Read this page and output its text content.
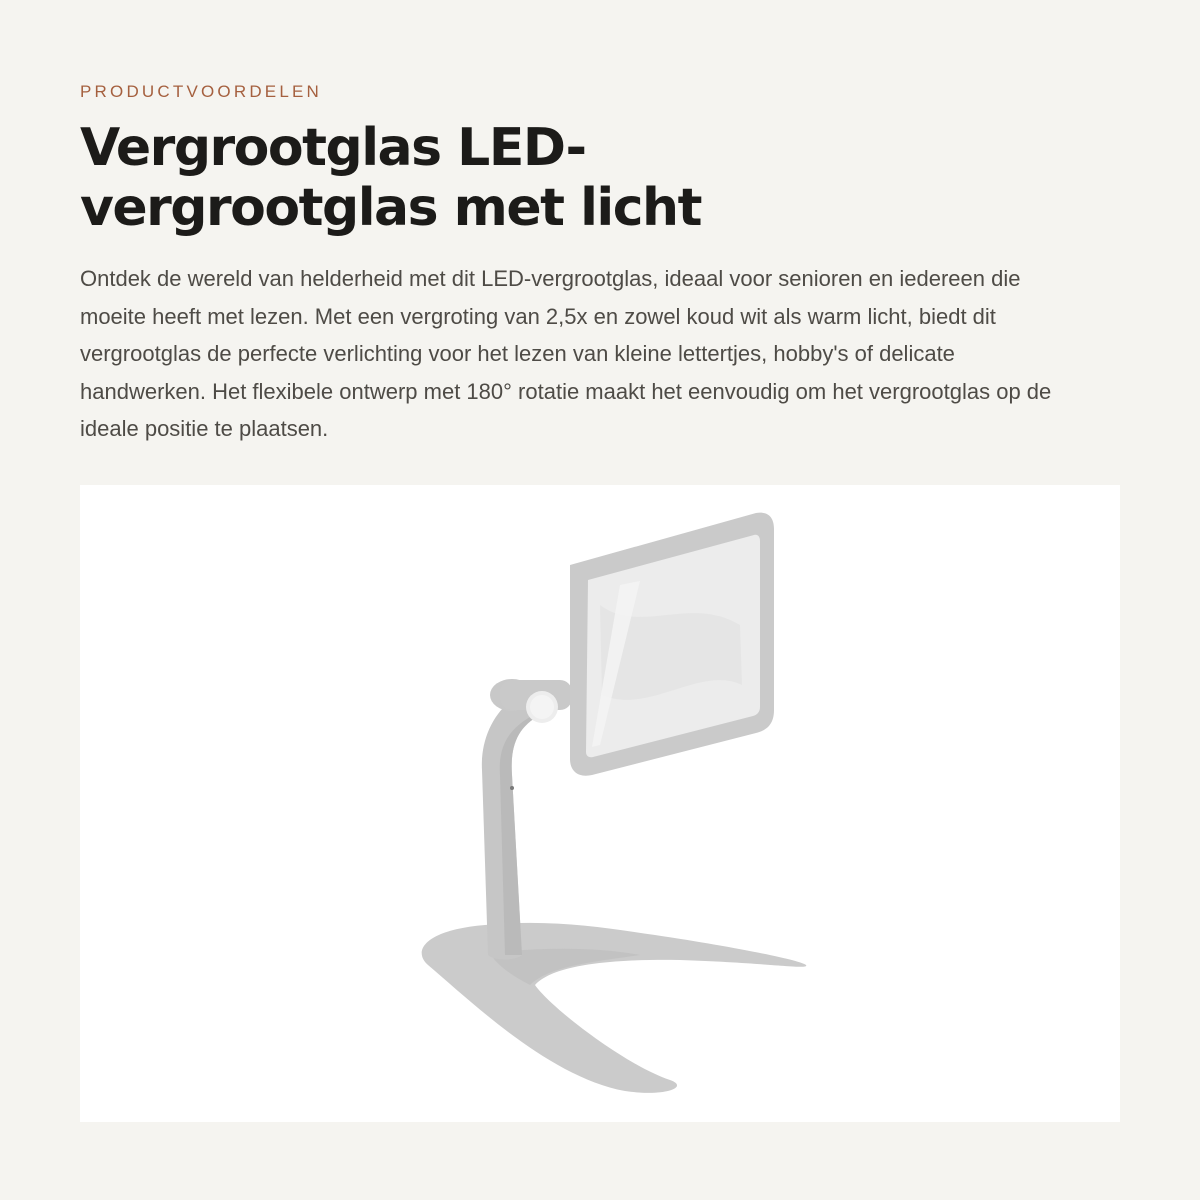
PRODUCTVOORDELEN

Vergrootglas LED-vergrootglas met licht

Ontdek de wereld van helderheid met dit LED-vergrootglas, ideaal voor senioren en iedereen die moeite heeft met lezen. Met een vergroting van 2,5x en zowel koud wit als warm licht, biedt dit vergrootglas de perfecte verlichting voor het lezen van kleine lettertjes, hobby's of delicate handwerken. Het flexibele ontwerp met 180° rotatie maakt het eenvoudig om het vergrootglas op de ideale positie te plaatsen.
